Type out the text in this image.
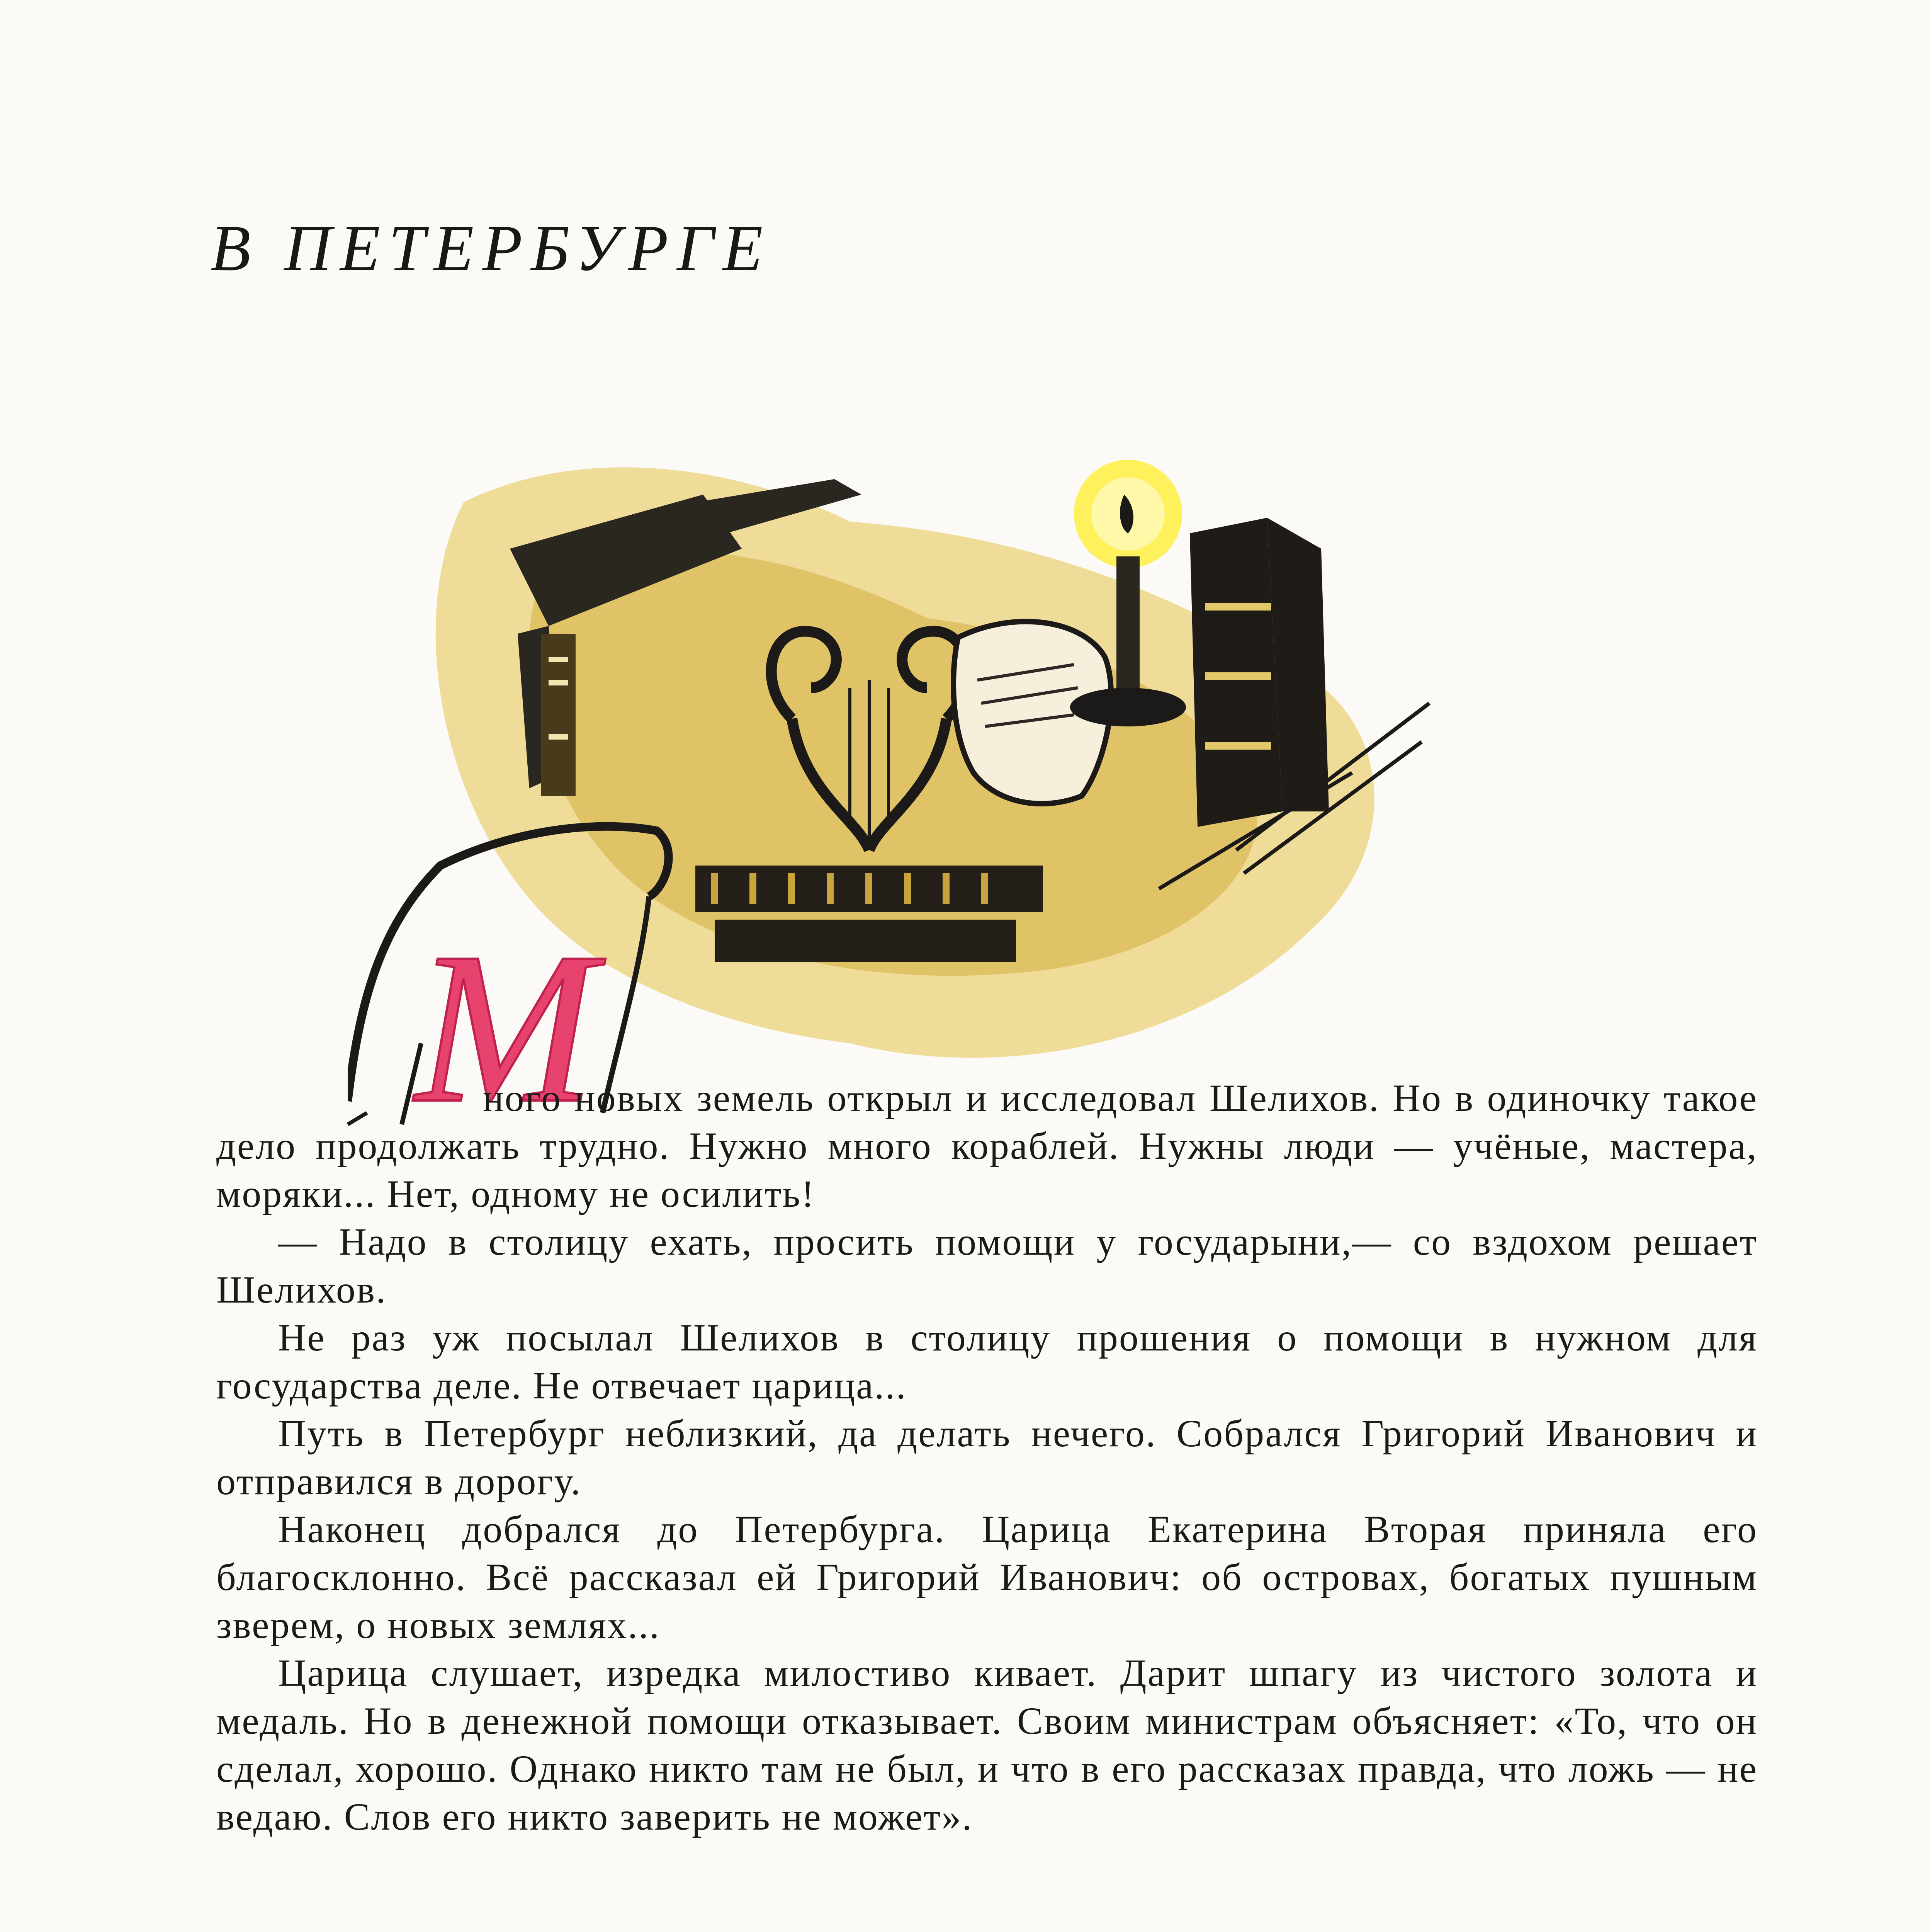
В ПЕТЕРБУРГЕ
М

ного новых земель открыл и исследовал Шелихов. Но в одиночку такое дело продолжать трудно. Нужно много кораблей. Нужны люди — учёные, мастера, моряки... Нет, одному не осилить!

— Надо в столицу ехать, просить помощи у государыни,— со вздохом решает Шелихов.

Не раз уж посылал Шелихов в столицу прошения о помощи в нужном для государства деле. Не отвечает царица...

Путь в Петербург неблизкий, да делать нечего. Собрался Григорий Иванович и отправился в дорогу.

Наконец добрался до Петербурга. Царица Екатерина Вторая приняла его благосклонно. Всё рассказал ей Григорий Иванович: об островах, богатых пушным зверем, о новых землях...

Царица слушает, изредка милостиво кивает. Дарит шпагу из чистого золота и медаль. Но в денежной помощи отказывает. Своим министрам объясняет: «То, что он сделал, хорошо. Однако никто там не был, и что в его рассказах правда, что ложь — не ведаю. Слов его никто заверить не может».
